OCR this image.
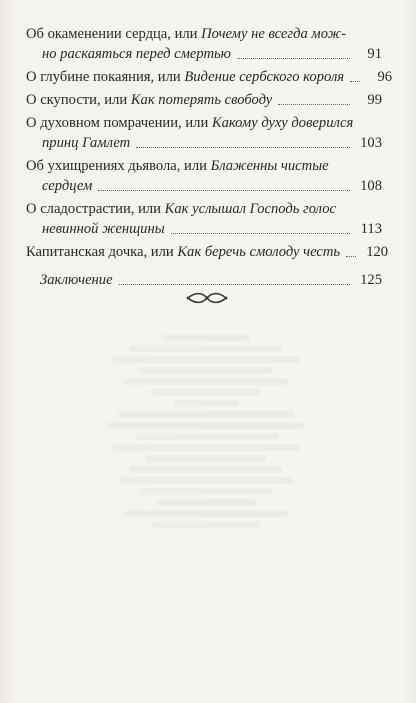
Об окаменении сердца, или Почему не всегда мож-
но раскаяться перед смертью	91
О глубине покаяния, или Видение сербского короля	96
О скупости, или Как потерять свободу	99
О духовном помрачении, или Какому духу доверился
принц Гамлет	103
Об ухищрениях дьявола, или Блаженны чистые
сердцем	108
О сладострастии, или Как услышал Господь голос
невинной женщины	113
Капитанская дочка, или Как беречь смолоду честь 120
Заключение	125
